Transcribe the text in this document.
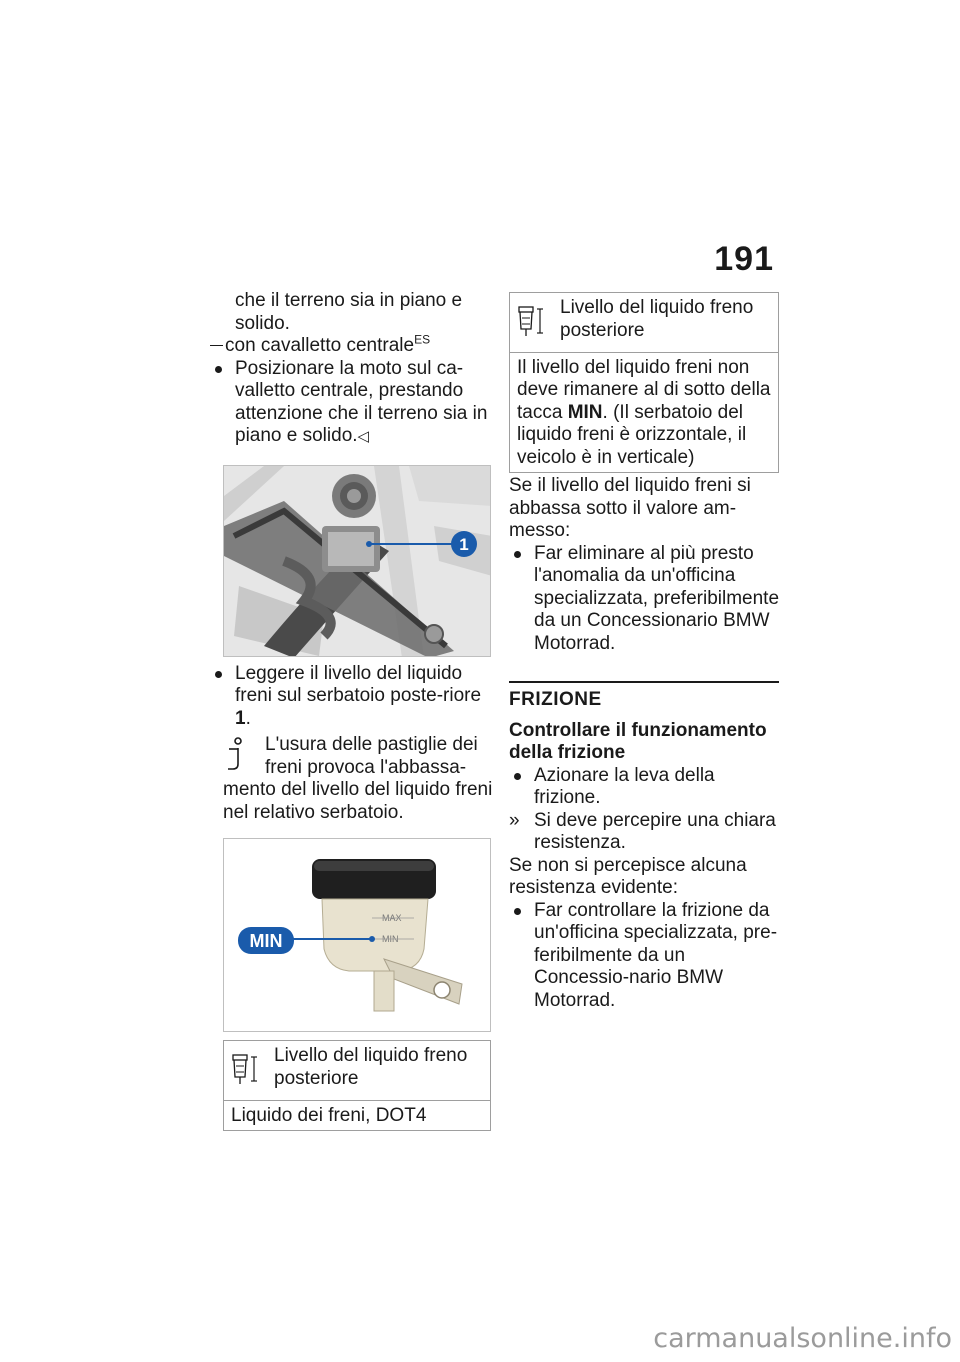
191

che il terreno sia in piano e

solido.

con cavalletto centrale$^{ES}$

Posizionare la moto sul ca-valletto centrale, prestando attenzione che il terreno sia in piano e solido.◁

1

Leggere il livello del liquido freni sul serbatoio poste-riore 1.

L'usura delle pastiglie dei freni provoca l'abbassa-

mento del livello del liquido freni nel relativo serbatoio.

MAX
MIN
MIN
Livello del liquido freno posteriore
Liquido dei freni, DOT4
Livello del liquido freno posteriore
Il livello del liquido freni non deve rimanere al di sotto della tacca MIN. (Il serbatoio del liquido freni è orizzontale, il veicolo è in verticale)

Se il livello del liquido freni si abbassa sotto il valore am-messo:

Far eliminare al più presto l'anomalia da un'officina specializzata, preferibilmente da un Concessionario BMW Motorrad.

FRIZIONE
Controllare il funzionamento della frizione

Azionare la leva della frizione.

» Si deve percepire una chiara resistenza.

Se non si percepisce alcuna resistenza evidente:

Far controllare la frizione da un'officina specializzata, pre-feribilmente da un Concessio-nario BMW Motorrad.

carmanualsonline.info
